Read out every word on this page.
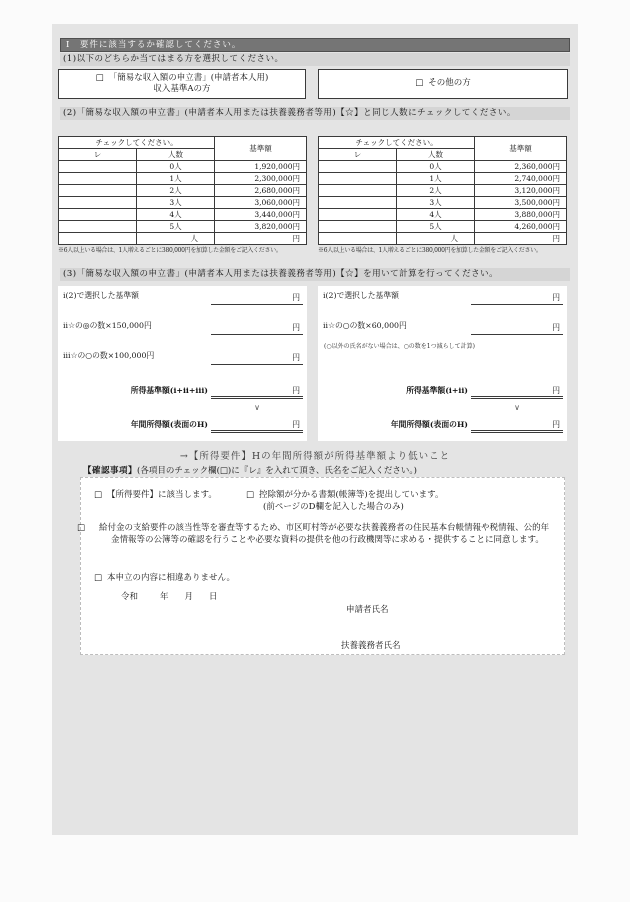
Ⅰ　要件に該当するか確認してください。
(1)以下のどちらか当てはまる方を選択してください。
□ 「簡易な収入額の申立書」(申請者本人用)
収入基準Aの方
□ その他の方
(2)「簡易な収入額の申立書」(申請者本人用または扶養義務者等用)【☆】と同じ人数にチェックしてください。
チェックしてください。		基準額
レ	人数	
	0人	1,920,000円
	1人	2,300,000円
	2人	2,680,000円
	3人	3,060,000円
	4人	3,440,000円
	5人	3,820,000円
	人	円
※6人以上いる場合は、1人増えるごとに380,000円を加算した金額をご記入ください。
チェックしてください。		基準額
レ	人数	
	0人	2,360,000円
	1人	2,740,000円
	2人	3,120,000円
	3人	3,500,000円
	4人	3,880,000円
	5人	4,260,000円
	人	円
※6人以上いる場合は、1人増えるごとに380,000円を加算した金額をご記入ください。
(3)「簡易な収入額の申立書」(申請者本人用または扶養義務者等用)【☆】を用いて計算を行ってください。
i(2)で選択した基準額	円
ii☆の◎の数×150,000円	円
iii☆の○の数×100,000円	円
所得基準額(i+ii+iii)	円
∨
年間所得額(表面のH)	円
i(2)で選択した基準額	円
ii☆の○の数×60,000円	円
(○以外の氏名がない場合は、○の数を1つ減らして計算)
所得基準額(i+ii)	円
∨
年間所得額(表面のH)	円
→【所得要件】Hの年間所得額が所得基準額より低いこと
【確認事項】(各項目のチェック欄(□)に『レ』を入れて頂き、氏名をご記入ください。)
□ 【所得要件】に該当します。	□ 控除額が分かる書類(帳簿等)を提出しています。
(前ページのD欄を記入した場合のみ)
□ 給付金の支給要件の該当性等を審査等するため、市区町村等が必要な扶養義務者の住民基本台帳情報や税情報、公的年金情報等の公簿等の確認を行うことや必要な資料の提供を他の行政機関等に求める・提供することに同意します。
□ 本申立の内容に相違ありません。
令和	年 月 日
申請者氏名
扶養義務者氏名
